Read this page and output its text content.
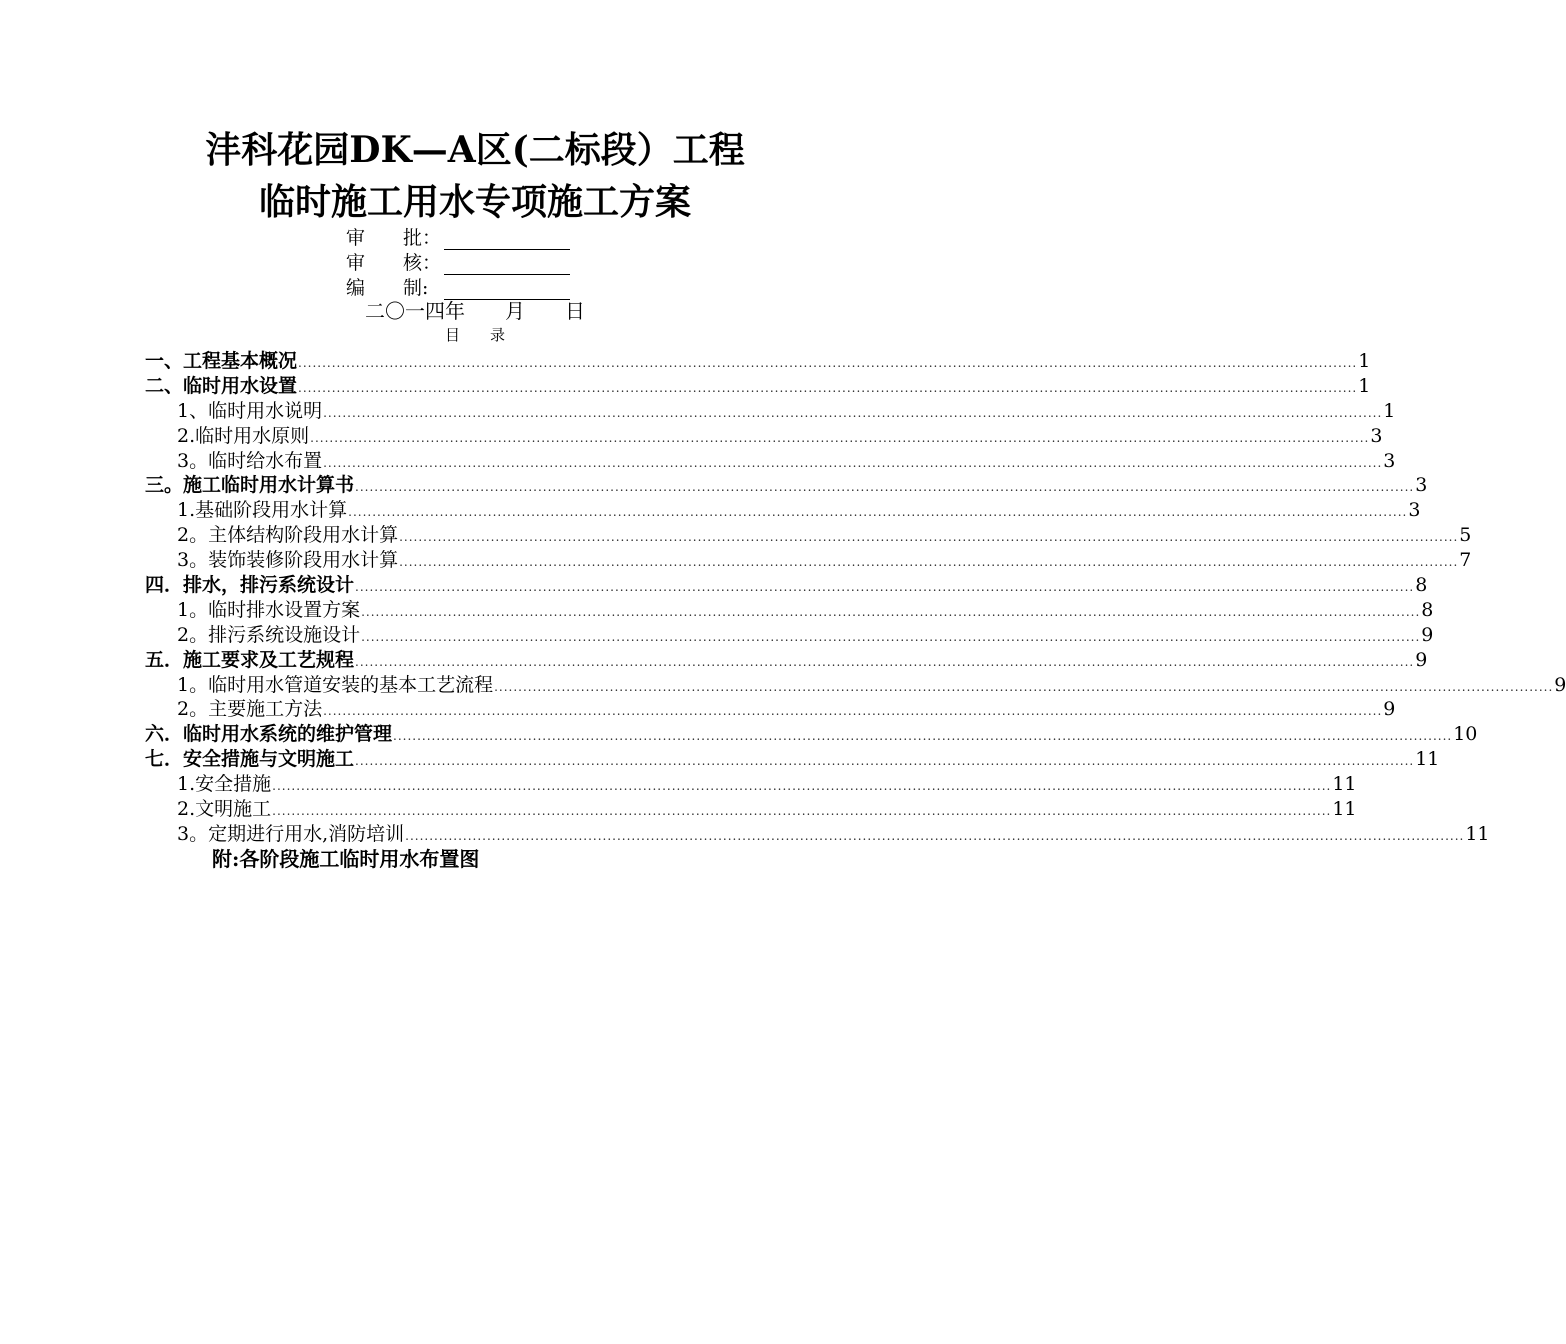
沣科花园DK—A区(二标段）工程
临时施工用水专项施工方案
审　　批：
审　　核：
编　　制:
二〇一四年　　月　　日
目　　录
一、工程基本概况 ............................................................................................................................................................................................................................ 1
二、临时用水设置 ............................................................................................................................................................................................................................ 1
1、临时用水说明 ............................................................................................................................................................................................................................ 1
2.临时用水原则 ............................................................................................................................................................................................................................ 3
3。临时给水布置 ............................................................................................................................................................................................................................ 3
三。施工临时用水计算书 ............................................................................................................................................................................................................................ 3
1.基础阶段用水计算 ............................................................................................................................................................................................................................ 3
2。主体结构阶段用水计算 ............................................................................................................................................................................................................................ 5
3。装饰装修阶段用水计算 ............................................................................................................................................................................................................................ 7
四．排水，排污系统设计 ............................................................................................................................................................................................................................ 8
1。临时排水设置方案 ............................................................................................................................................................................................................................ 8
2。排污系统设施设计 ............................................................................................................................................................................................................................ 9
五．施工要求及工艺规程 ............................................................................................................................................................................................................................ 9
1。临时用水管道安装的基本工艺流程 ............................................................................................................................................................................................................................ 9
2。主要施工方法 ............................................................................................................................................................................................................................ 9
六．临时用水系统的维护管理 ............................................................................................................................................................................................................................ 10
七．安全措施与文明施工 ............................................................................................................................................................................................................................ 11
1.安全措施 ............................................................................................................................................................................................................................ 11
2.文明施工 ............................................................................................................................................................................................................................ 11
3。定期进行用水,消防培训 ............................................................................................................................................................................................................................ 11
附:各阶段施工临时用水布置图
